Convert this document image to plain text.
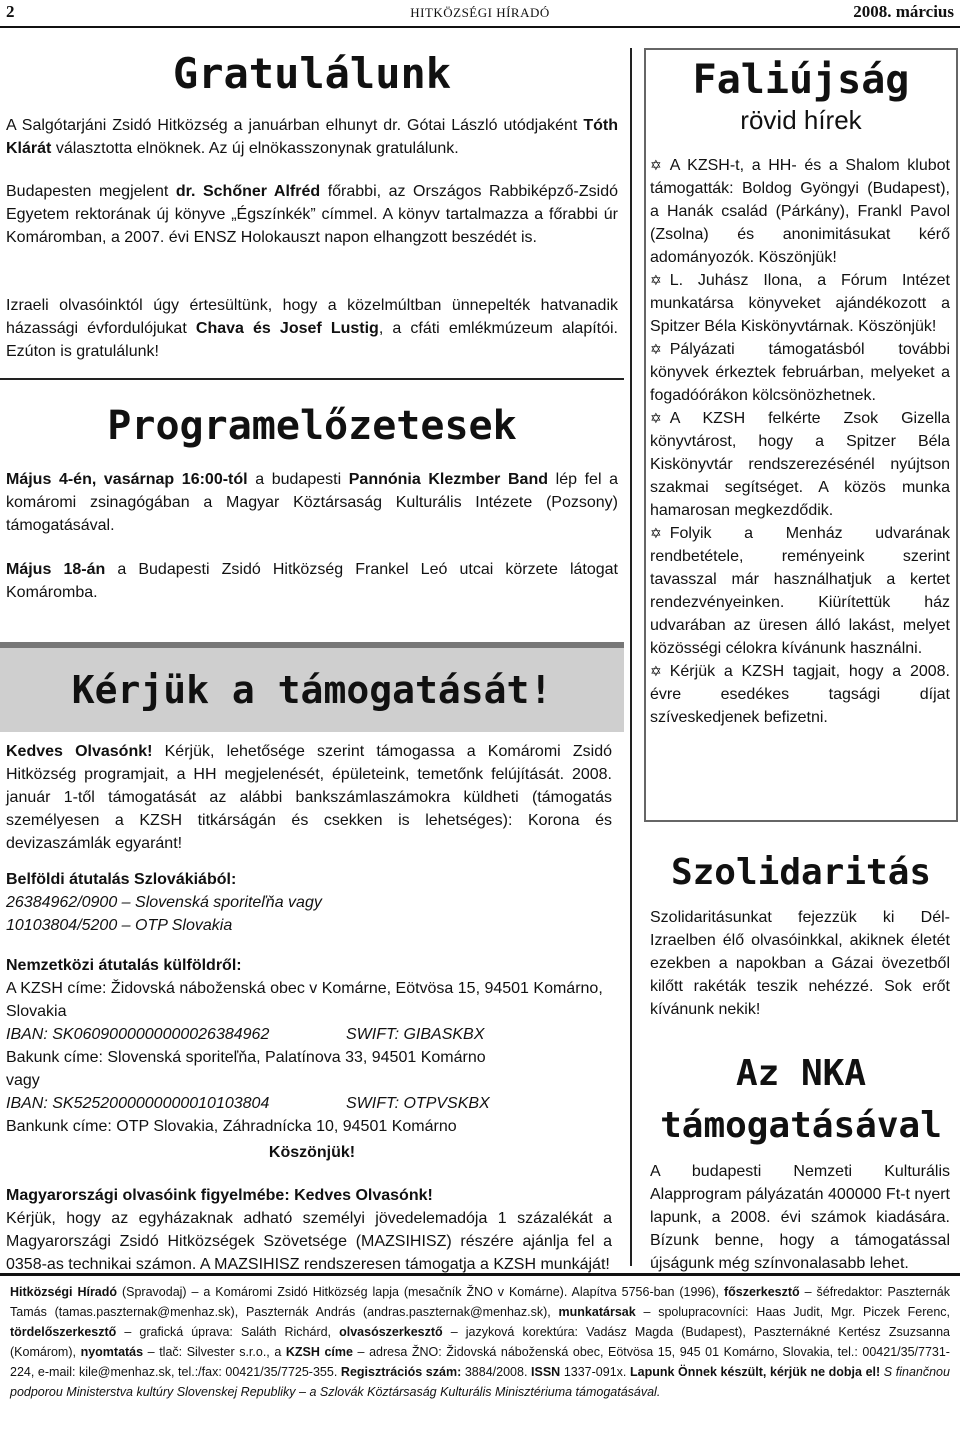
2	HITKÖZSÉGI HÍRADÓ	2008. március
Gratulálunk

A Salgótarjáni Zsidó Hitközség a januárban elhunyt dr. Gótai László utódjaként Tóth Klárát választotta elnöknek. Az új elnökasszonynak gratulálunk.

Budapesten megjelent dr. Schőner Alfréd főrabbi, az Országos Rabbiképző-Zsidó Egyetem rektorának új könyve „Égszínkék” címmel. A könyv tartalmazza a főrabbi úr Komáromban, a 2007. évi ENSZ Holokauszt napon elhangzott beszédét is.

Izraeli olvasóinktól úgy értesültünk, hogy a közelmúltban ünnepelték hatvanadik házassági évfordulójukat Chava és Josef Lustig, a cfáti emlékmúzeum alapítói. Ezúton is gratulálunk!

Programelőzetesek

Május 4-én, vasárnap 16:00-tól a budapesti Pannónia Klezmber Band lép fel a komáromi zsinagógában a Magyar Köztársaság Kulturális Intézete (Pozsony) támogatásával.

Május 18-án a Budapesti Zsidó Hitközség Frankel Leó utcai körzete látogat Komáromba.

Kérjük a támogatását!

Kedves Olvasónk! Kérjük, lehetősége szerint támogassa a Komáromi Zsidó Hitközség programjait, a HH megjelenését, épületeink, temetőnk felújítását. 2008. január 1-től támogatását az alábbi bankszámlaszámokra küldheti (támogatás személyesen a KZSH titkárságán és csekken is lehetséges): Korona és devizaszámlák egyaránt!

Belföldi átutalás Szlovákiából:
26384962/0900 – Slovenská sporiteľňa vagy
10103804/5200 – OTP Slovakia
Nemzetközi átutalás külföldről:
A KZSH címe: Židovská náboženská obec v Komárne, Eötvösa 15, 94501 Komárno, Slovakia
IBAN: SK0609000000000026384962	SWIFT: GIBASKBX
Bakunk címe: Slovenská sporiteľňa, Palatínova 33, 94501 Komárno
vagy
IBAN: SK5252000000000010103804	SWIFT: OTPVSKBX
Bankunk címe: OTP Slovakia, Záhradnícka 10, 94501 Komárno
Köszönjük!

Magyarországi olvasóink figyelmébe: Kedves Olvasónk!
Kérjük, hogy az egyházaknak adható személyi jövedelemadója 1 százalékát a Magyarországi Zsidó Hitközségek Szövetsége (MAZSIHISZ) részére ajánlja fel a 0358-as technikai számon. A MAZSIHISZ rendszeresen támogatja a KZSH munkáját!

Faliújság
rövid hírek
✡ A KZSH-t, a HH- és a Shalom klubot támogatták: Boldog Gyöngyi (Budapest), a Hanák család (Párkány), Frankl Pavol (Zsolna) és anonimitásukat kérő adományozók. Köszönjük!
✡ L. Juhász Ilona, a Fórum Intézet munkatársa könyveket ajándékozott a Spitzer Béla Kiskönyvtárnak. Köszönjük!
✡ Pályázati támogatásból további könyvek érkeztek februárban, melyeket a fogadóórákon kölcsönözhetnek.
✡ A KZSH felkérte Zsok Gizella könyvtárost, hogy a Spitzer Béla Kiskönyvtár rendszerezésénél nyújtson szakmai segítséget. A közös munka hamarosan megkezdődik.
✡ Folyik a Menház udvarának rendbetétele, reményeink szerint tavasszal már használhatjuk a kertet rendezvényeinken. Kiürítettük ház udvarában az üresen álló lakást, melyet közösségi célokra kívánunk használni.
✡ Kérjük a KZSH tagjait, hogy a 2008. évre esedékes tagsági díjat szíveskedjenek befizetni.
Szolidaritás

Szolidaritásunkat fejezzük ki Dél-Izraelben élő olvasóinkkal, akiknek életét ezekben a napokban a Gázai övezetből kilőtt rakéták teszik nehézzé. Sok erőt kívánunk nekik!

Az NKA
támogatásával

A budapesti Nemzeti Kulturális Alapprogram pályázatán 400000 Ft-t nyert lapunk, a 2008. évi számok kiadására. Bízunk benne, hogy a támogatással újságunk még színvonalasabb lehet.

Hitközségi Híradó (Spravodaj) – a Komáromi Zsidó Hitközség lapja (mesačník ŽNO v Komárne). Alapítva 5756-ban (1996), főszerkesztő – šéfredaktor: Paszternák Tamás (tamas.paszternak@menhaz.sk), Paszternák András (andras.paszternak@menhaz.sk), munkatársak – spolupracovníci: Haas Judit, Mgr. Piczek Ferenc, tördelőszerkesztő – grafická úprava: Saláth Richárd, olvasószerkesztő – jazyková korektúra: Vadász Magda (Budapest), Paszternákné Kertész Zsuzsanna (Komárom), nyomtatás – tlač: Silvester s.r.o., a KZSH címe – adresa ŽNO: Židovská náboženská obec, Eötvösa 15, 945 01 Komárno, Slovakia, tel.: 00421/35/7731-224, e-mail: kile@menhaz.sk, tel.:/fax: 00421/35/7725-355. Regisztrációs szám: 3884/2008. ISSN 1337-091x. Lapunk Önnek készült, kérjük ne dobja el! S finančnou podporou Ministerstva kultúry Slovenskej Republiky – a Szlovák Köztársaság Kulturális Minisztériuma támogatásával.
